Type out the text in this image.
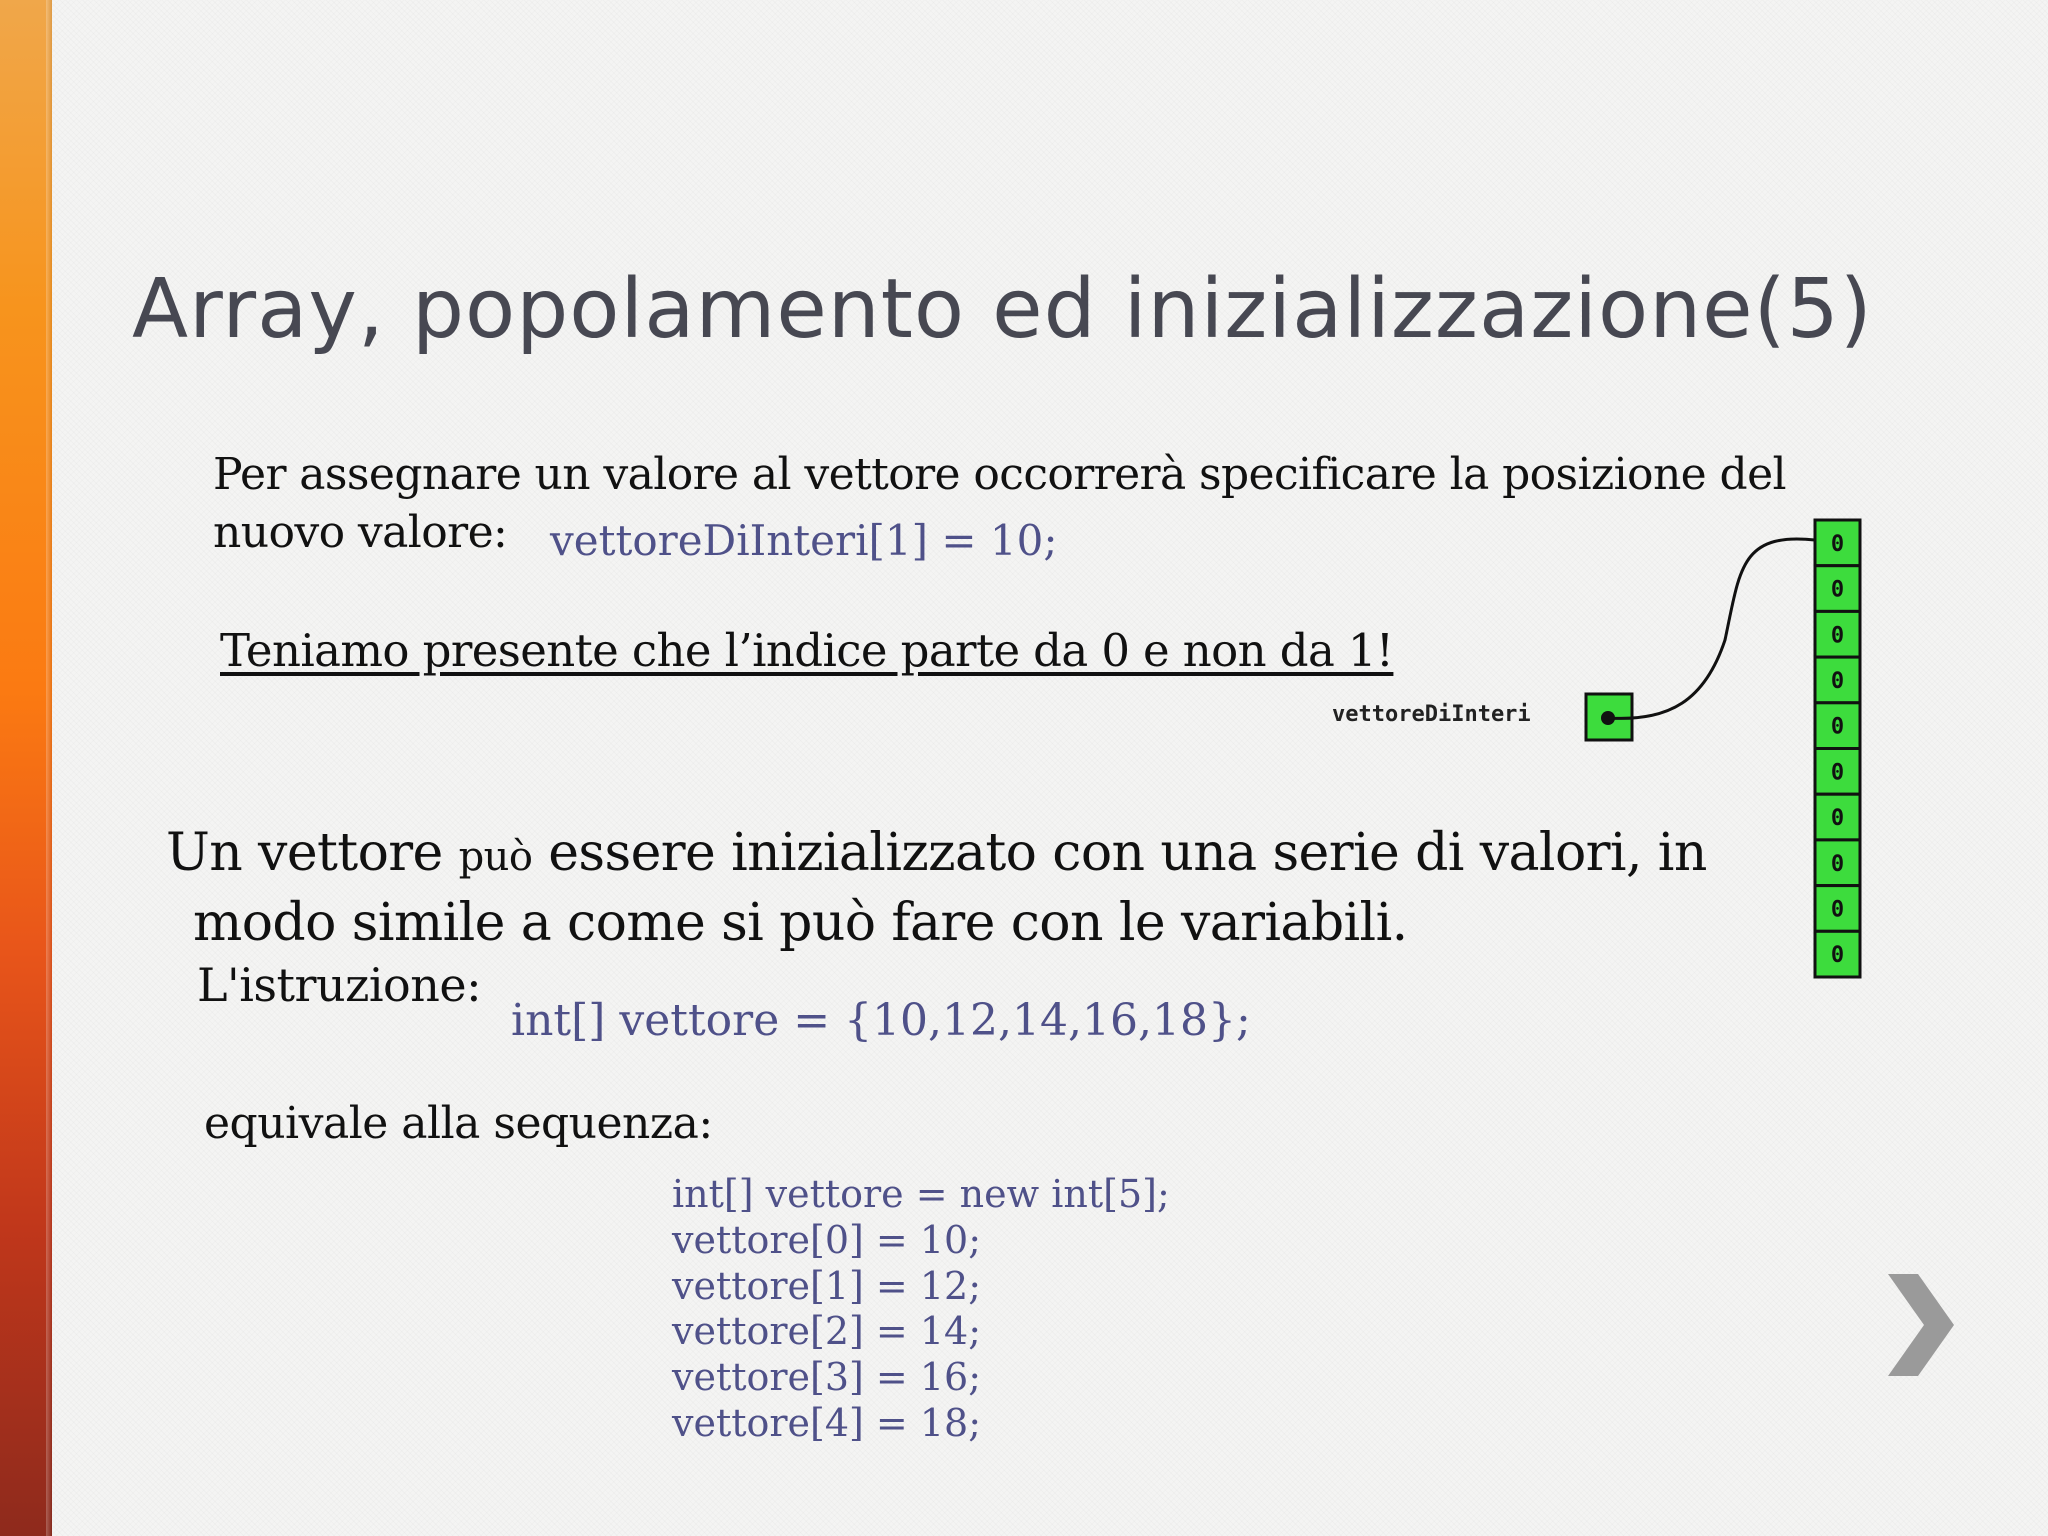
Array, popolamento ed inizializzazione(5)
Per assegnare un valore al vettore occorrerà specificare la posizione del
nuovo valore:	vettoreDiInteri[1] = 10;
Teniamo presente che l’indice parte da 0 e non da 1!
Un vettore può essere inizializzato con una serie di valori, in
modo simile a come si può fare con le variabili.
L'istruzione:
int[] vettore = {10,12,14,16,18};
equivale alla sequenza:
int[] vettore = new int[5];
vettore[0] = 10;
vettore[1] = 12;
vettore[2] = 14;
vettore[3] = 16;
vettore[4] = 18;
vettoreDiInteri
0
0
0
0
0
0
0
0
0
0
